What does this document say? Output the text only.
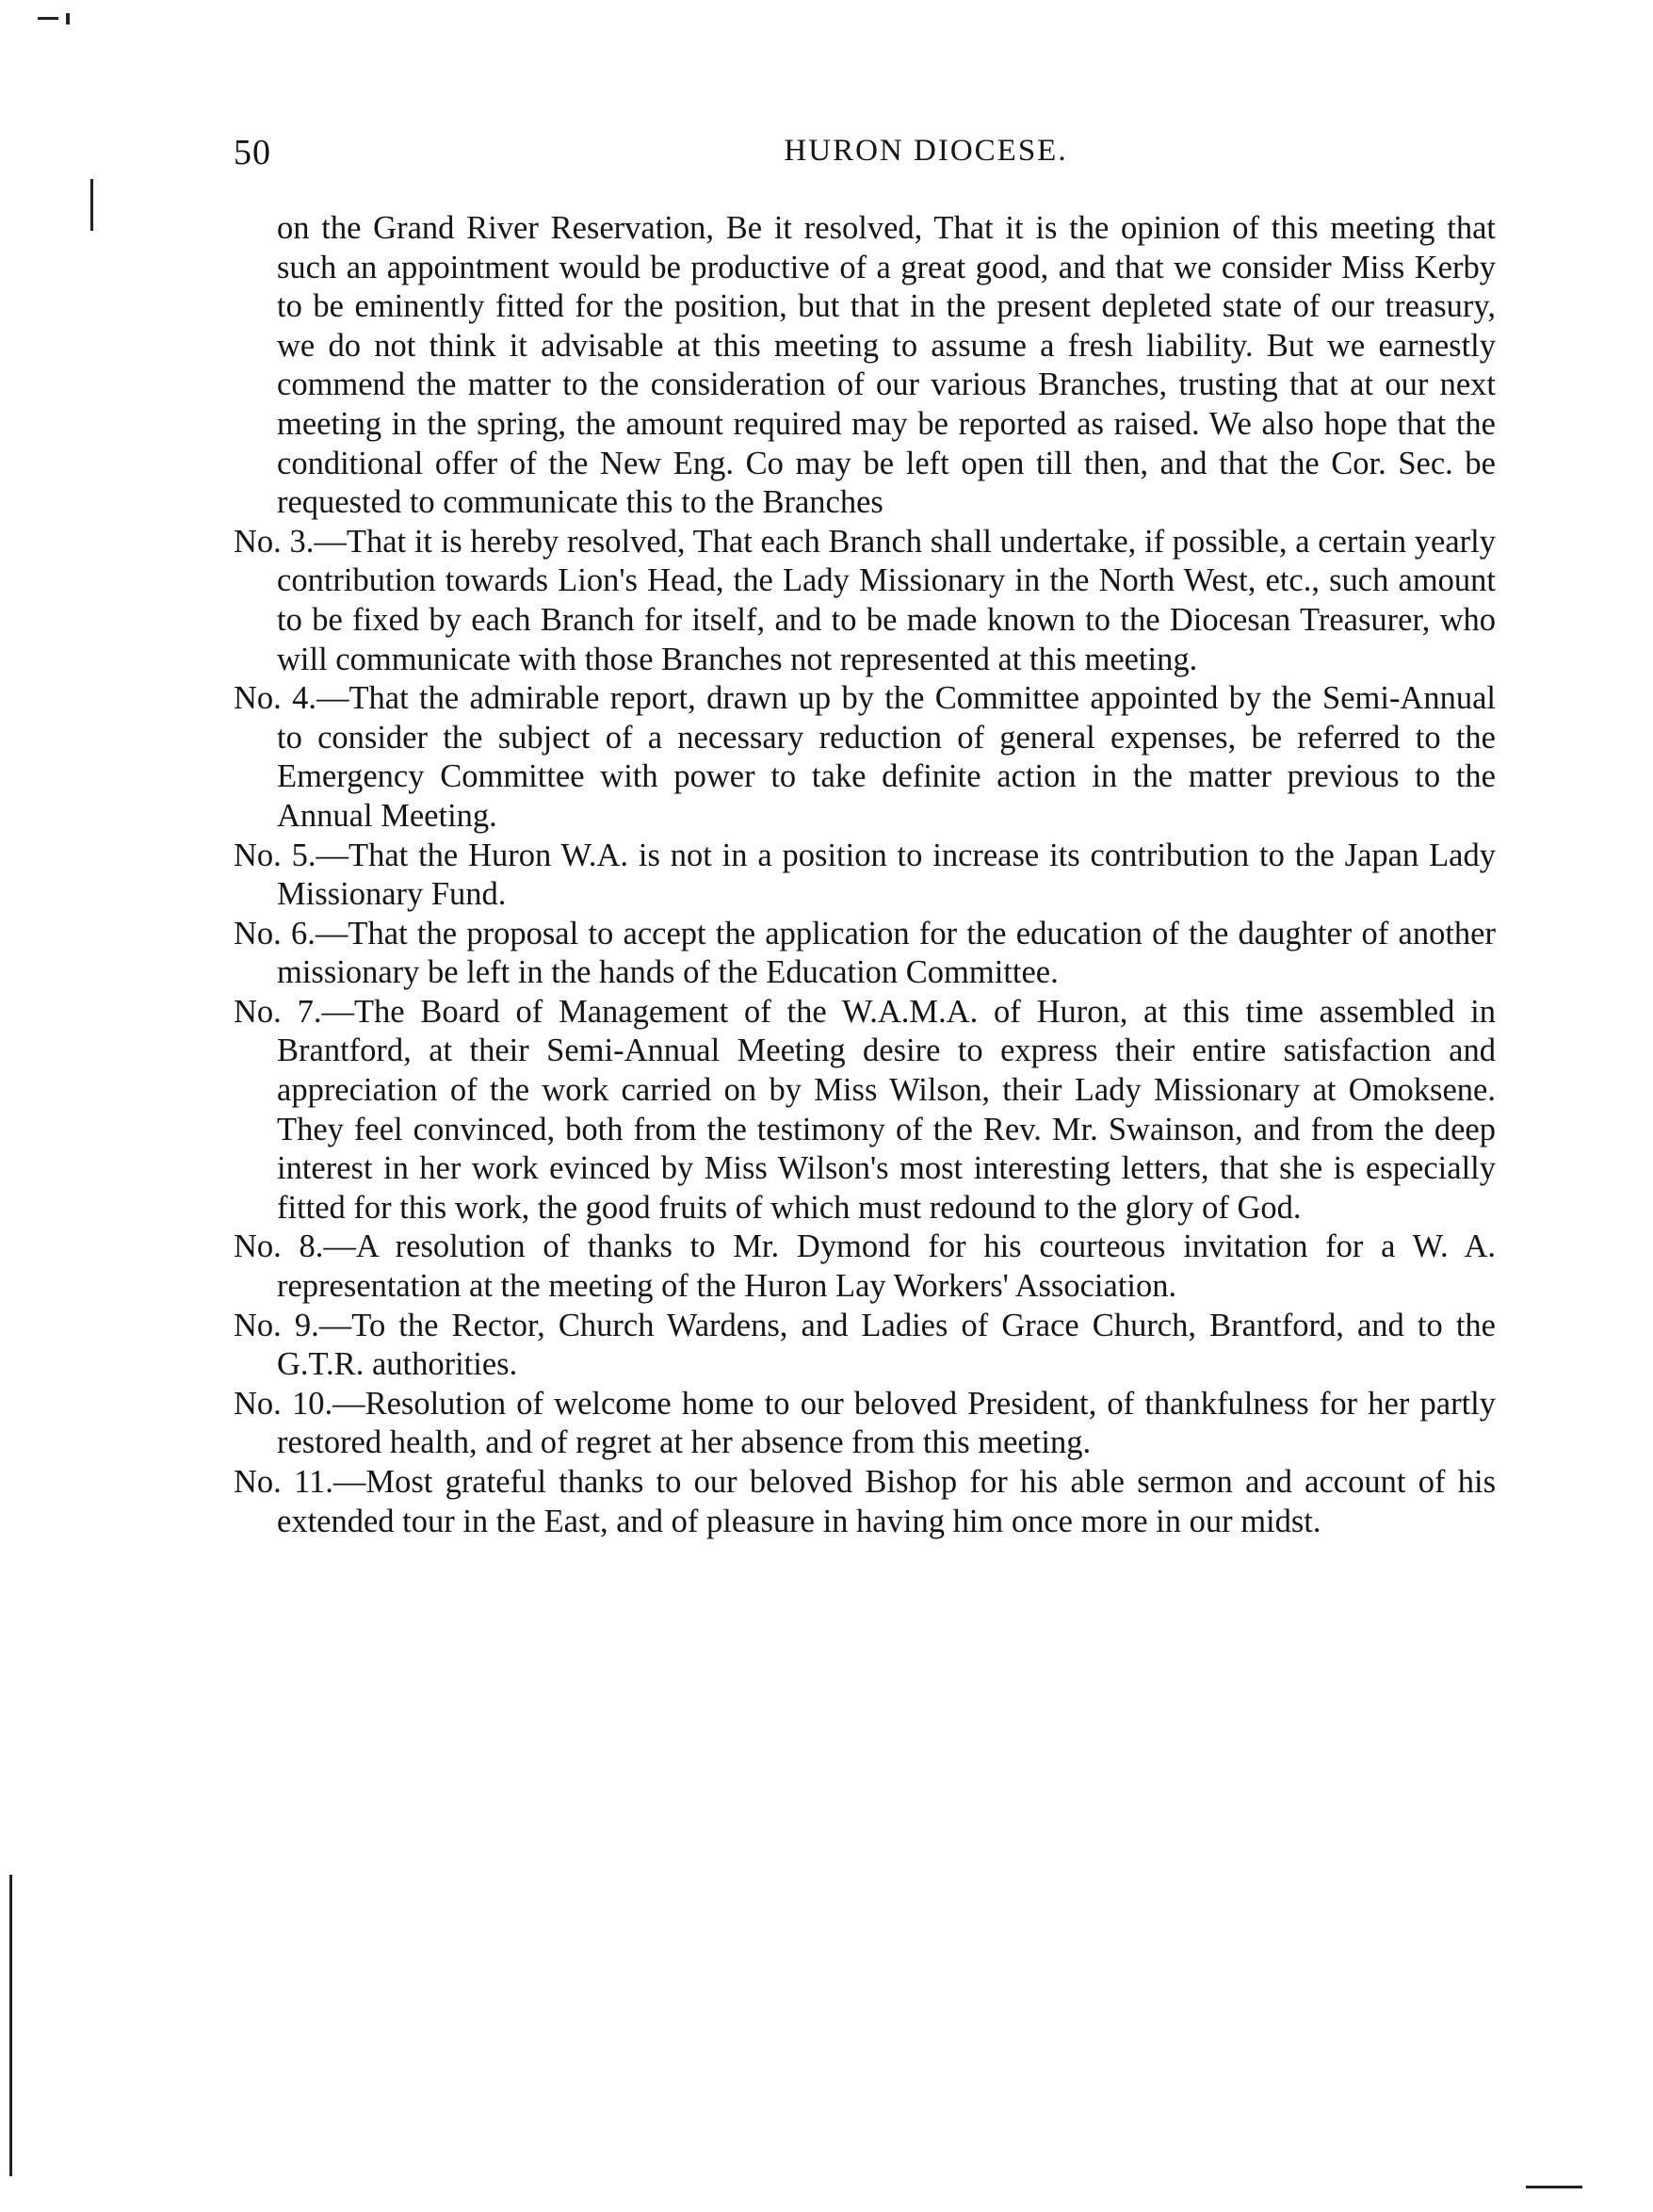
50	HURON DIOCESE.

on the Grand River Reservation, Be it resolved, That it is the opinion of this meeting that such an appointment would be productive of a great good, and that we consider Miss Kerby to be eminently fitted for the position, but that in the present depleted state of our treasury, we do not think it advisable at this meeting to assume a fresh liability. But we earnestly commend the matter to the consideration of our various Branches, trusting that at our next meeting in the spring, the amount required may be reported as raised. We also hope that the conditional offer of the New Eng. Co may be left open till then, and that the Cor. Sec. be requested to communicate this to the Branches

No. 3.—That it is hereby resolved, That each Branch shall undertake, if possible, a certain yearly contribution towards Lion's Head, the Lady Missionary in the North West, etc., such amount to be fixed by each Branch for itself, and to be made known to the Diocesan Treasurer, who will communicate with those Branches not represented at this meeting.

No. 4.—That the admirable report, drawn up by the Committee appointed by the Semi-Annual to consider the subject of a necessary reduction of general expenses, be referred to the Emergency Committee with power to take definite action in the matter previous to the Annual Meeting.

No. 5.—That the Huron W.A. is not in a position to increase its contribution to the Japan Lady Missionary Fund.

No. 6.—That the proposal to accept the application for the education of the daughter of another missionary be left in the hands of the Education Committee.

No. 7.—The Board of Management of the W.A.M.A. of Huron, at this time assembled in Brantford, at their Semi-Annual Meeting desire to express their entire satisfaction and appreciation of the work carried on by Miss Wilson, their Lady Missionary at Omoksene. They feel convinced, both from the testimony of the Rev. Mr. Swainson, and from the deep interest in her work evinced by Miss Wilson's most interesting letters, that she is especially fitted for this work, the good fruits of which must redound to the glory of God.

No. 8.—A resolution of thanks to Mr. Dymond for his courteous invitation for a W. A. representation at the meeting of the Huron Lay Workers' Association.

No. 9.—To the Rector, Church Wardens, and Ladies of Grace Church, Brantford, and to the G.T.R. authorities.

No. 10.—Resolution of welcome home to our beloved President, of thankfulness for her partly restored health, and of regret at her absence from this meeting.

No. 11.—Most grateful thanks to our beloved Bishop for his able sermon and account of his extended tour in the East, and of pleasure in having him once more in our midst.
